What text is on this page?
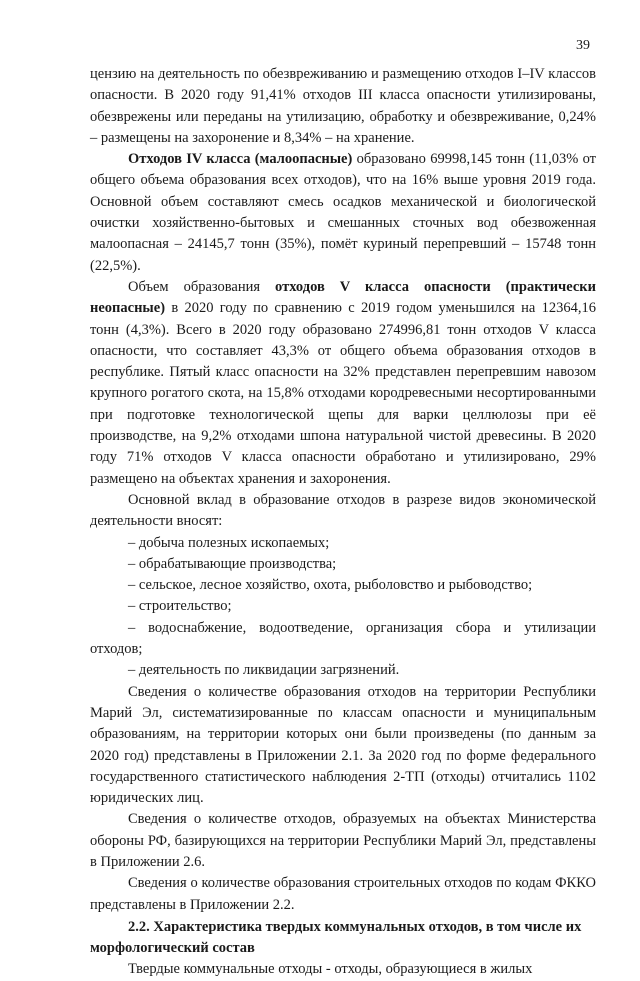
39

цензию на деятельность по обезвреживанию и размещению отходов I–IV классов опасности. В 2020 году 91,41% отходов III класса опасности утилизированы, обезврежены или переданы на утилизацию, обработку и обезвреживание, 0,24% – размещены на захоронение и 8,34% – на хранение.

Отходов IV класса (малоопасные) образовано 69998,145 тонн (11,03% от общего объема образования всех отходов), что на 16% выше уровня 2019 года. Основной объем составляют смесь осадков механической и биологической очистки хозяйственно-бытовых и смешанных сточных вод обезвоженная малоопасная – 24145,7 тонн (35%), помёт куриный перепревший – 15748 тонн (22,5%).

Объем образования отходов V класса опасности (практически неопасные) в 2020 году по сравнению с 2019 годом уменьшился на 12364,16 тонн (4,3%). Всего в 2020 году образовано 274996,81 тонн отходов V класса опасности, что составляет 43,3% от общего объема образования отходов в республике. Пятый класс опасности на 32% представлен перепревшим навозом крупного рогатого скота, на 15,8% отходами кородревесными несортированными при подготовке технологической щепы для варки целлюлозы при её производстве, на 9,2% отходами шпона натуральной чистой древесины. В 2020 году 71% отходов V класса опасности обработано и утилизировано, 29% размещено на объектах хранения и захоронения.

Основной вклад в образование отходов в разрезе видов экономической деятельности вносят:

– добыча полезных ископаемых;

– обрабатывающие производства;

– сельское, лесное хозяйство, охота, рыболовство и рыбоводство;

– строительство;

– водоснабжение, водоотведение, организация сбора и утилизации отходов;

– деятельность по ликвидации загрязнений.

Сведения о количестве образования отходов на территории Республики Марий Эл, систематизированные по классам опасности и муниципальным образованиям, на территории которых они были произведены (по данным за 2020 год) представлены в Приложении 2.1. За 2020 год по форме федерального государственного статистического наблюдения 2-ТП (отходы) отчитались 1102 юридических лиц.

Сведения о количестве отходов, образуемых на объектах Министерства обороны РФ, базирующихся на территории Республики Марий Эл, представлены в Приложении 2.6.

Сведения о количестве образования строительных отходов по кодам ФККО представлены в Приложении 2.2.

2.2. Характеристика твердых коммунальных отходов, в том числе их морфологический состав

Твердые коммунальные отходы - отходы, образующиеся в жилых
